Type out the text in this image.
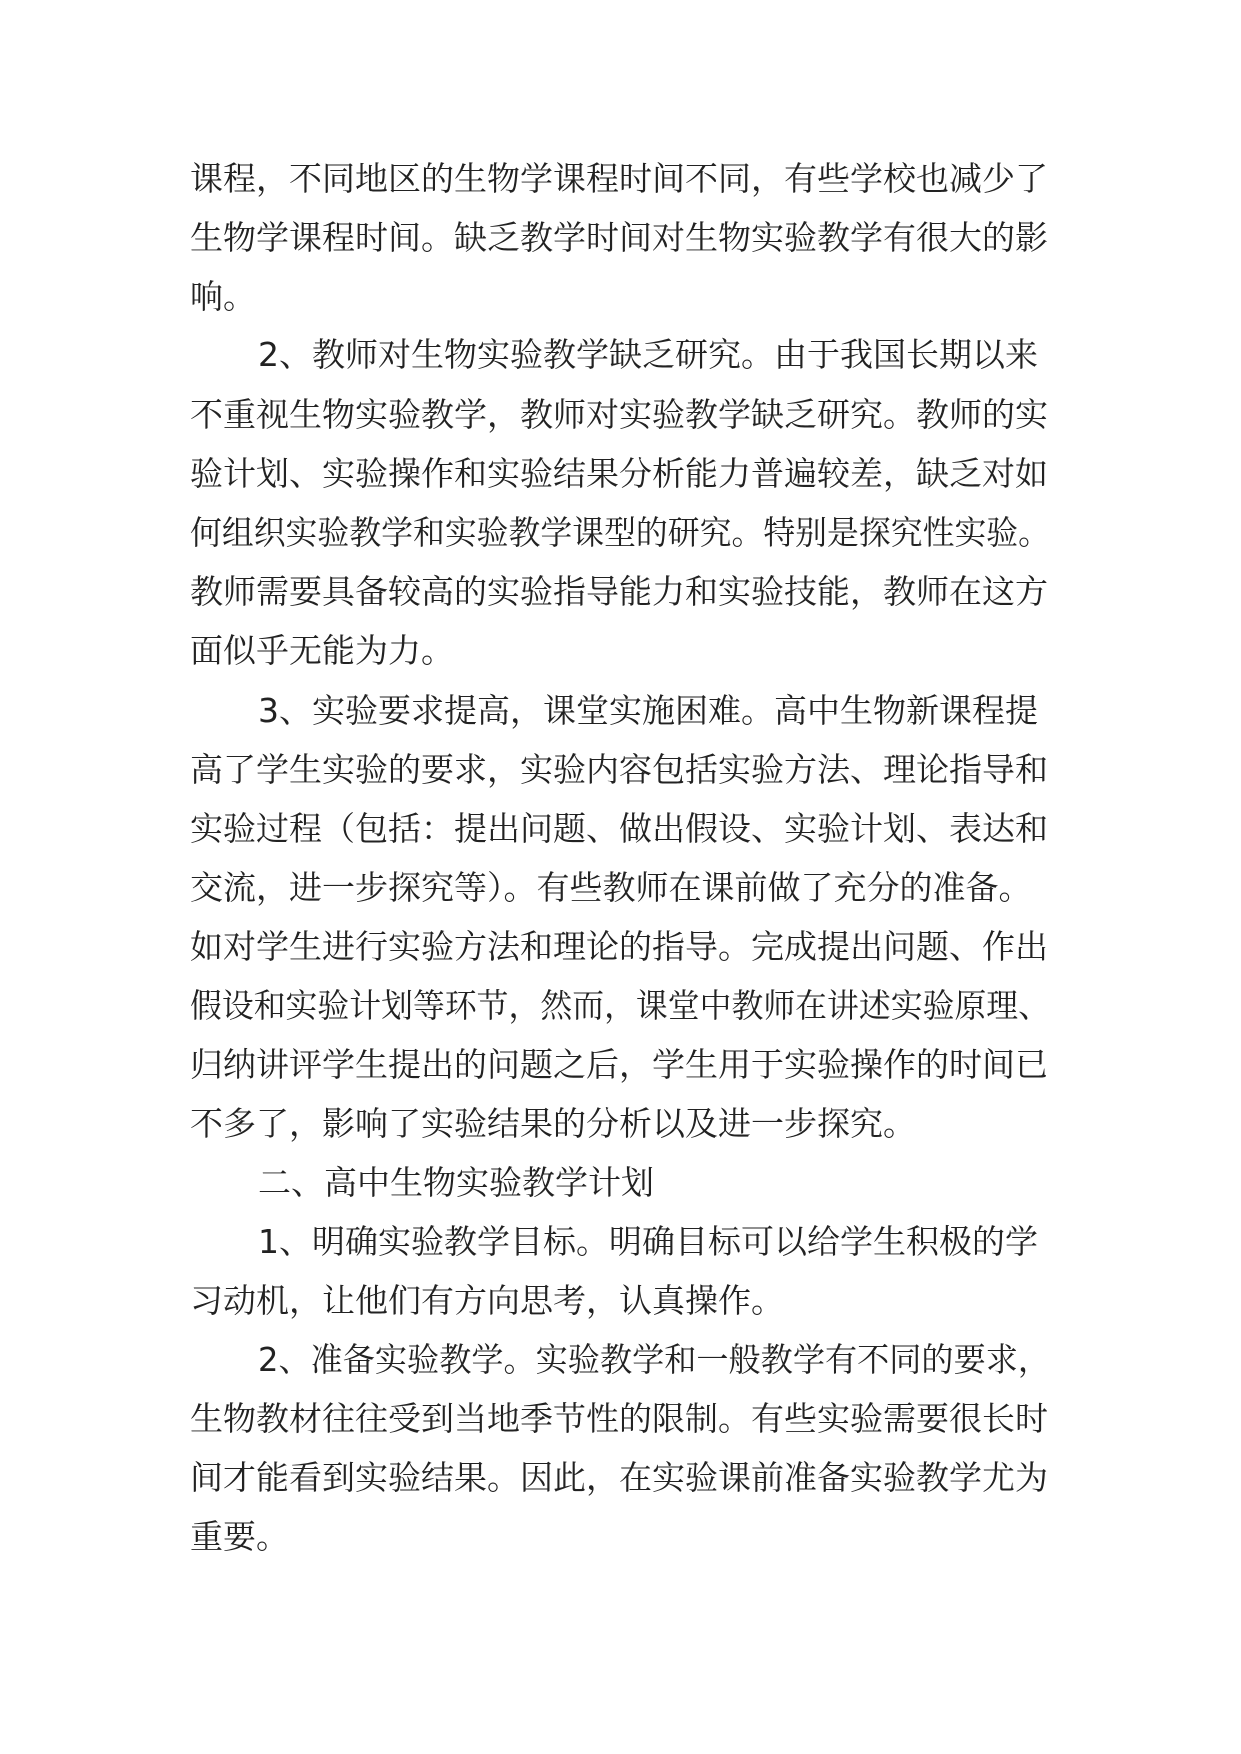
课程，不同地区的生物学课程时间不同，有些学校也减少了
生物学课程时间。缺乏教学时间对生物实验教学有很大的影
响。
2、教师对生物实验教学缺乏研究。由于我国长期以来
不重视生物实验教学，教师对实验教学缺乏研究。教师的实
验计划、实验操作和实验结果分析能力普遍较差，缺乏对如
何组织实验教学和实验教学课型的研究。特别是探究性实验。
教师需要具备较高的实验指导能力和实验技能，教师在这方
面似乎无能为力。
3、实验要求提高，课堂实施困难。高中生物新课程提
高了学生实验的要求，实验内容包括实验方法、理论指导和
实验过程（包括：提出问题、做出假设、实验计划、表达和
交流，进一步探究等）。有些教师在课前做了充分的准备。
如对学生进行实验方法和理论的指导。完成提出问题、作出
假设和实验计划等环节，然而，课堂中教师在讲述实验原理、
归纳讲评学生提出的问题之后，学生用于实验操作的时间已
不多了，影响了实验结果的分析以及进一步探究。
二、高中生物实验教学计划
1、明确实验教学目标。明确目标可以给学生积极的学
习动机，让他们有方向思考，认真操作。
2、准备实验教学。实验教学和一般教学有不同的要求，
生物教材往往受到当地季节性的限制。有些实验需要很长时
间才能看到实验结果。因此，在实验课前准备实验教学尤为
重要。
